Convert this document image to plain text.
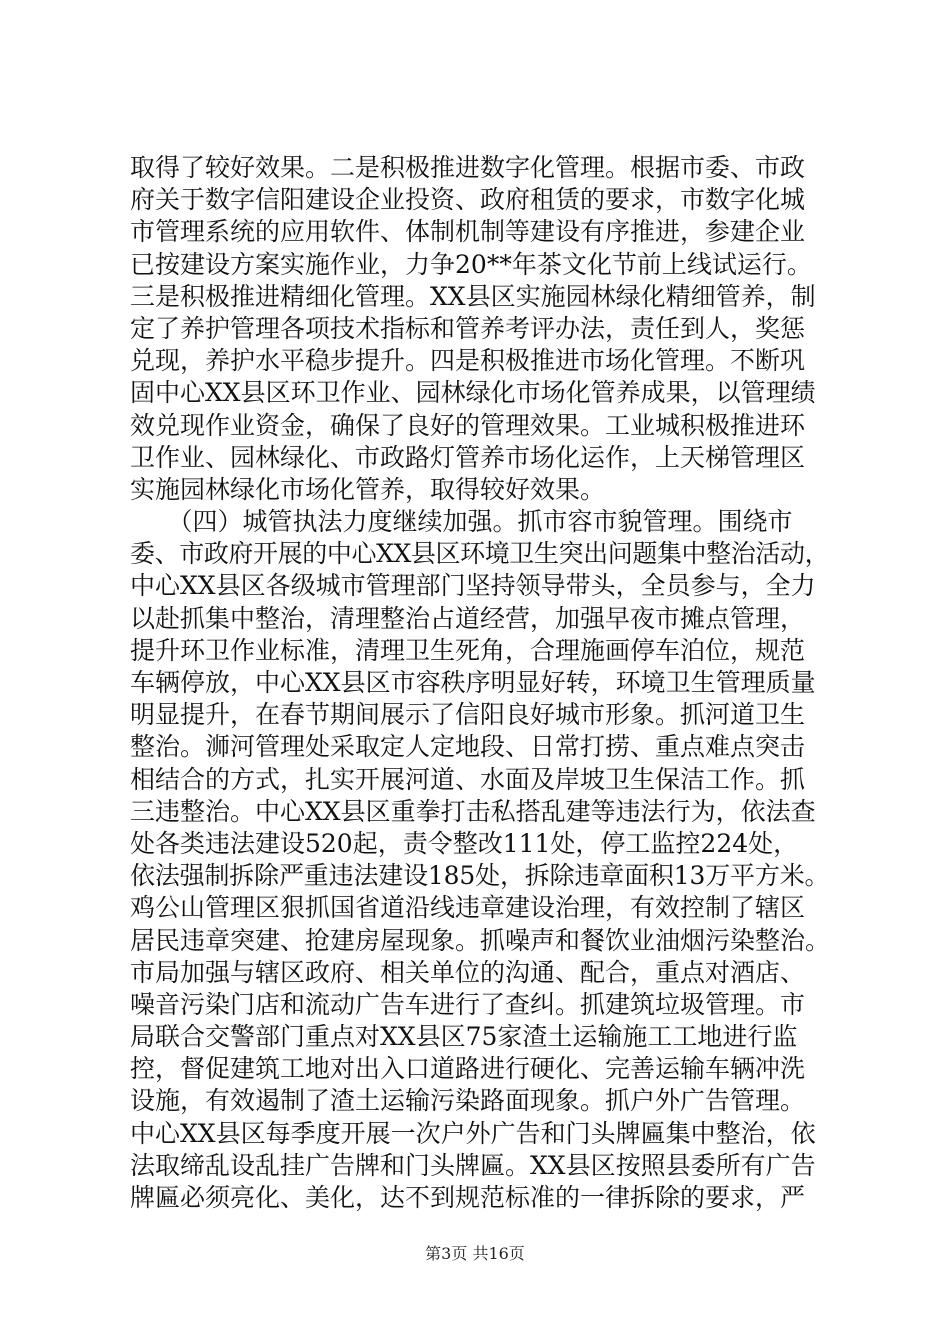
取得了较好效果。二是积极推进数字化管理。根据市委、市政
府关于数字信阳建设企业投资、政府租赁的要求，市数字化城
市管理系统的应用软件、体制机制等建设有序推进，参建企业
已按建设方案实施作业，力争20**年茶文化节前上线试运行。
三是积极推进精细化管理。XX县区实施园林绿化精细管养，制
定了养护管理各项技术指标和管养考评办法，责任到人，奖惩
兑现，养护水平稳步提升。四是积极推进市场化管理。不断巩
固中心XX县区环卫作业、园林绿化市场化管养成果，以管理绩
效兑现作业资金，确保了良好的管理效果。工业城积极推进环
卫作业、园林绿化、市政路灯管养市场化运作，上天梯管理区
实施园林绿化市场化管养，取得较好效果。
　　（四）城管执法力度继续加强。抓市容市貌管理。围绕市
委、市政府开展的中心XX县区环境卫生突出问题集中整治活动，
中心XX县区各级城市管理部门坚持领导带头，全员参与，全力
以赴抓集中整治，清理整治占道经营，加强早夜市摊点管理，
提升环卫作业标准，清理卫生死角，合理施画停车泊位，规范
车辆停放，中心XX县区市容秩序明显好转，环境卫生管理质量
明显提升，在春节期间展示了信阳良好城市形象。抓河道卫生
整治。浉河管理处采取定人定地段、日常打捞、重点难点突击
相结合的方式，扎实开展河道、水面及岸坡卫生保洁工作。抓
三违整治。中心XX县区重拳打击私搭乱建等违法行为，依法查
处各类违法建设520起，责令整改111处，停工监控224处，
依法强制拆除严重违法建设185处，拆除违章面积13万平方米。
鸡公山管理区狠抓国省道沿线违章建设治理，有效控制了辖区
居民违章突建、抢建房屋现象。抓噪声和餐饮业油烟污染整治。
市局加强与辖区政府、相关单位的沟通、配合，重点对酒店、
噪音污染门店和流动广告车进行了查纠。抓建筑垃圾管理。市
局联合交警部门重点对XX县区75家渣土运输施工工地进行监
控，督促建筑工地对出入口道路进行硬化、完善运输车辆冲洗
设施，有效遏制了渣土运输污染路面现象。抓户外广告管理。
中心XX县区每季度开展一次户外广告和门头牌匾集中整治，依
法取缔乱设乱挂广告牌和门头牌匾。XX县区按照县委所有广告
牌匾必须亮化、美化，达不到规范标准的一律拆除的要求，严
第3页 共16页
